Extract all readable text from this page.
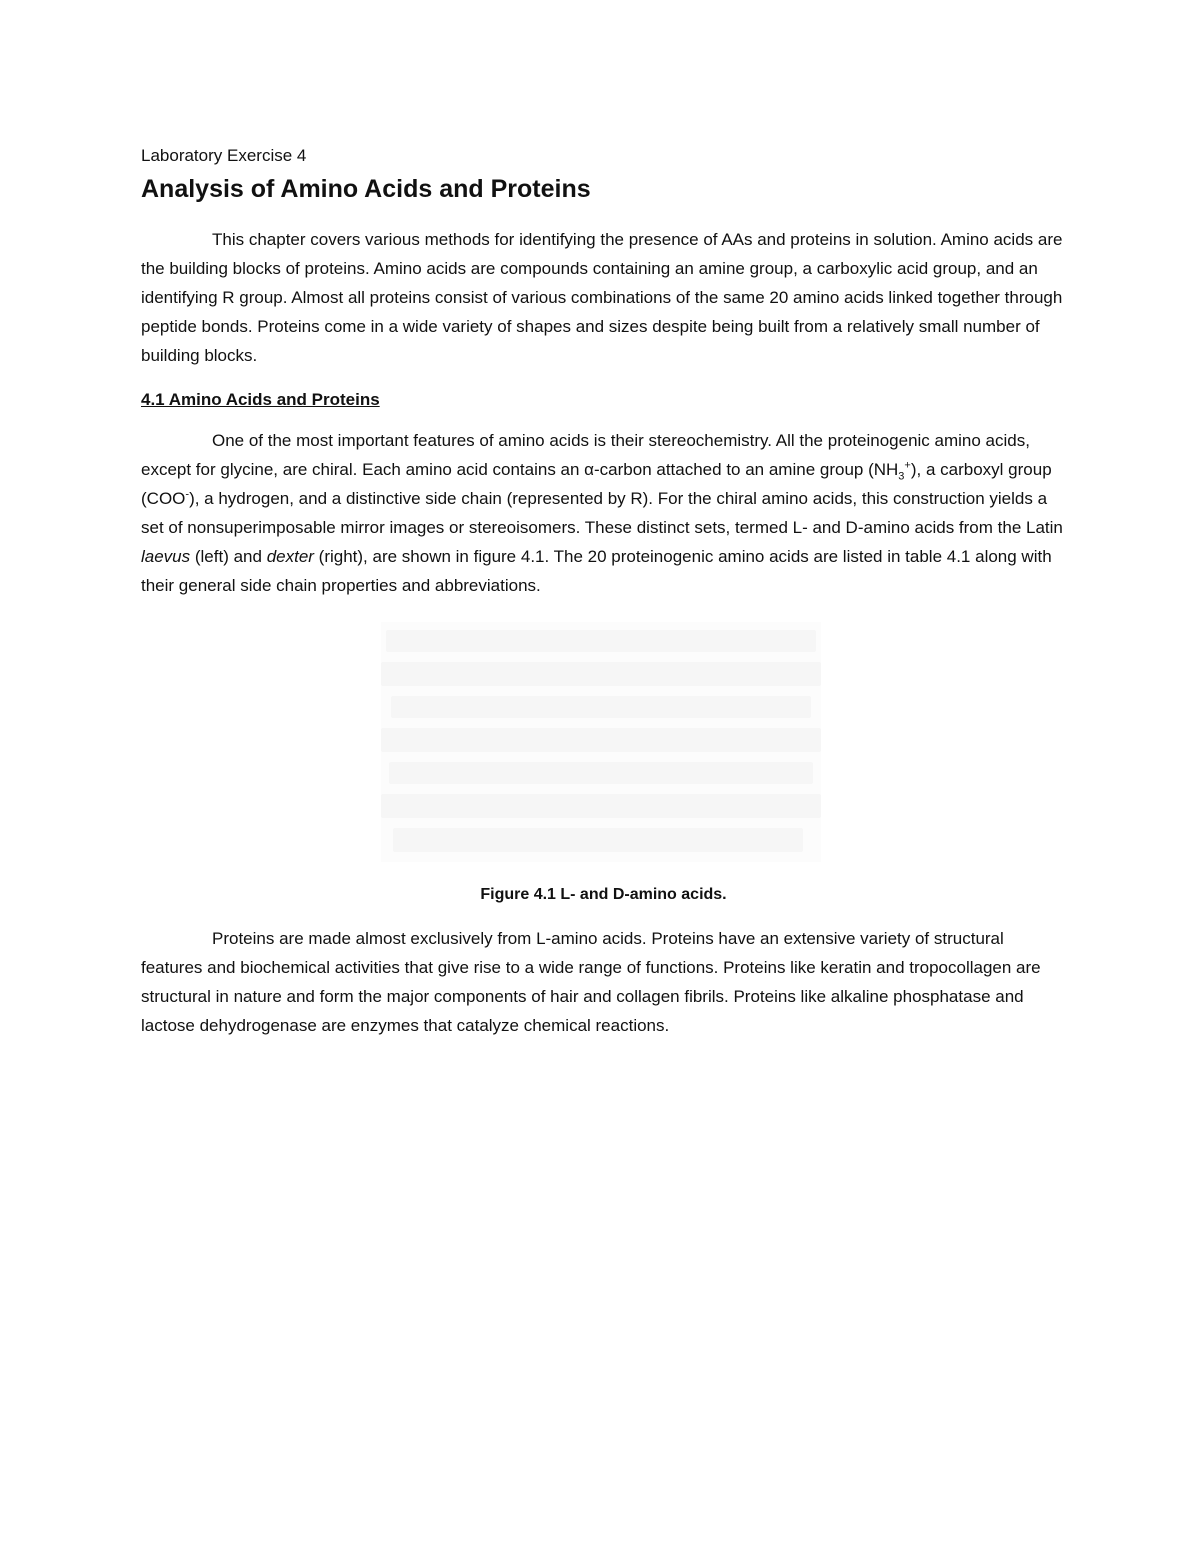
Laboratory Exercise 4

Analysis of Amino Acids and Proteins

This chapter covers various methods for identifying the presence of AAs and proteins in solution. Amino acids are the building blocks of proteins. Amino acids are compounds containing an amine group, a carboxylic acid group, and an identifying R group. Almost all proteins consist of various combinations of the same 20 amino acids linked together through peptide bonds. Proteins come in a wide variety of shapes and sizes despite being built from a relatively small number of building blocks.

4.1 Amino Acids and Proteins

One of the most important features of amino acids is their stereochemistry. All the proteinogenic amino acids, except for glycine, are chiral. Each amino acid contains an α-carbon attached to an amine group $(NH_3^+)$, a carboxyl group (COO-), a hydrogen, and a distinctive side chain (represented by R). For the chiral amino acids, this construction yields a set of nonsuperimposable mirror images or stereoisomers. These distinct sets, termed L- and D-amino acids from the Latin laevus (left) and dexter (right), are shown in figure 4.1. The 20 proteinogenic amino acids are listed in table 4.1 along with their general side chain properties and abbreviations.

Figure 4.1 L- and D-amino acids.

Proteins are made almost exclusively from L-amino acids. Proteins have an extensive variety of structural features and biochemical activities that give rise to a wide range of functions. Proteins like keratin and tropocollagen are structural in nature and form the major components of hair and collagen fibrils. Proteins like alkaline phosphatase and lactose dehydrogenase are enzymes that catalyze chemical reactions.
